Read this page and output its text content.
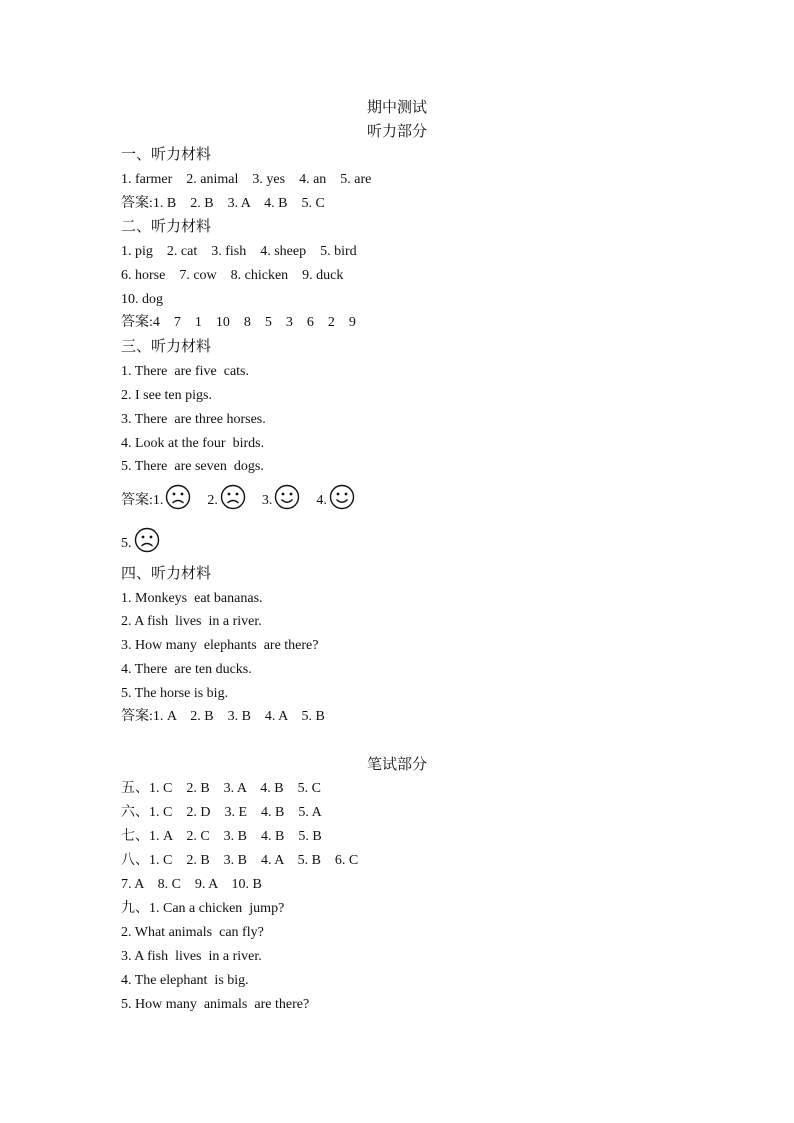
期中测试
听力部分
一、听力材料
1. farmer    2. animal    3. yes    4. an    5. are
答案:1. B    2. B    3. A    4. B    5. C
二、听力材料
1. pig    2. cat    3. fish    4. sheep    5. bird
6. horse    7. cow    8. chicken    9. duck
10. dog
答案:4    7    1    10    8    5    3    6    2    9
三、听力材料
1. There  are five  cats.
2. I see ten pigs.
3. There  are three horses.
4. Look at the four  birds.
5. There  are seven  dogs.
答案:1.	2.	3.	4.
5.
四、听力材料
1. Monkeys  eat bananas.
2. A fish  lives  in a river.
3. How many  elephants  are there?
4. There  are ten ducks.
5. The horse is big.
答案:1. A    2. B    3. B    4. A    5. B
笔试部分
五、1. C    2. B    3. A    4. B    5. C
六、1. C    2. D    3. E    4. B    5. A
七、1. A    2. C    3. B    4. B    5. B
八、1. C    2. B    3. B    4. A    5. B    6. C
7. A    8. C    9. A    10. B
九、1. Can a chicken  jump?
2. What animals  can fly?
3. A fish  lives  in a river.
4. The elephant  is big.
5. How many  animals  are there?
